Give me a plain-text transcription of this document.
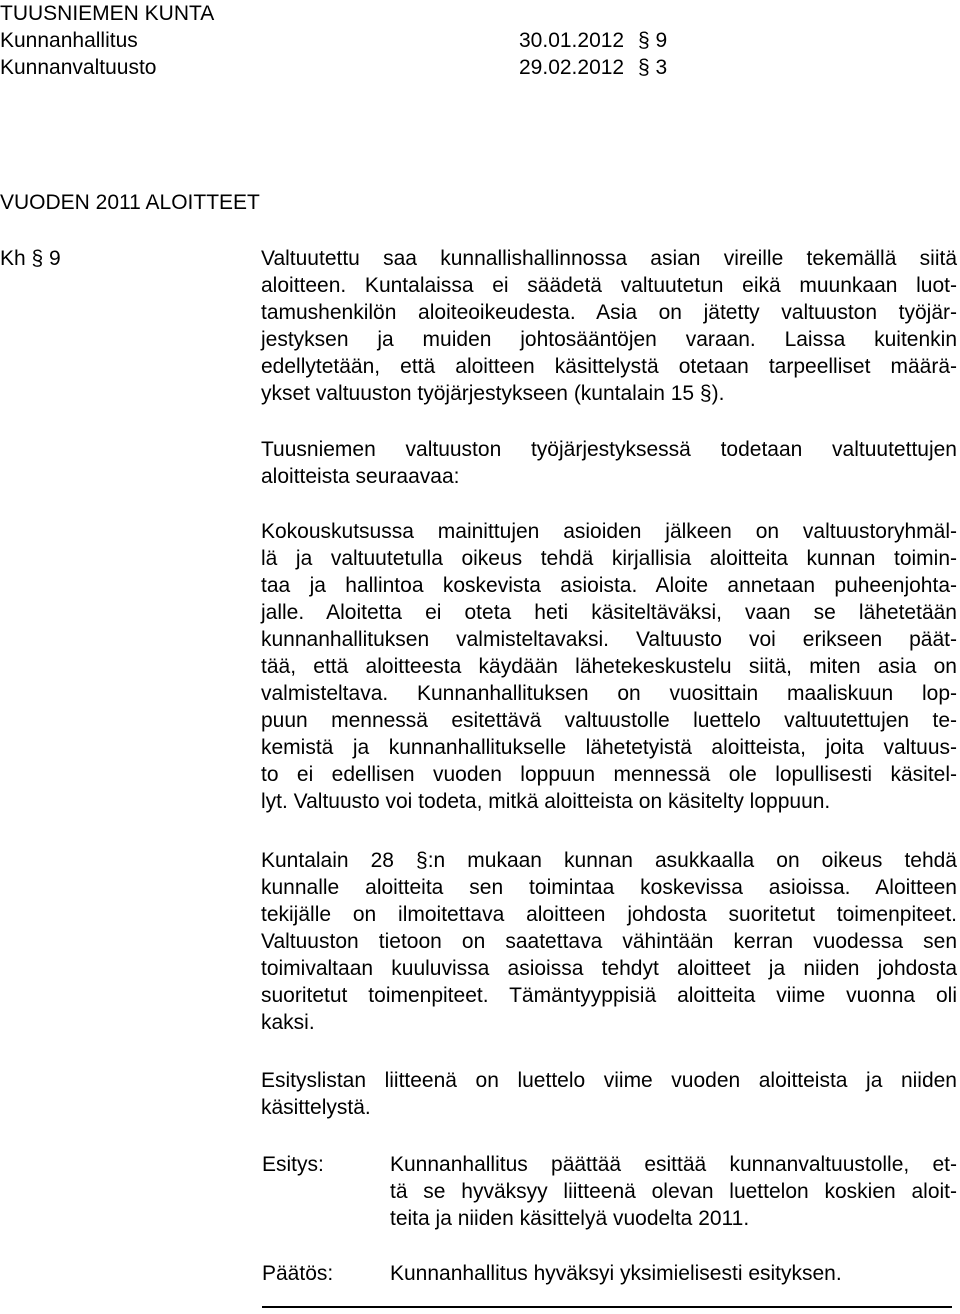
TUUSNIEMEN KUNTA
Kunnanhallitus	30.01.2012 § 9
Kunnanvaltuusto	29.02.2012 § 3
VUODEN 2011 ALOITTEET
Kh § 9	Valtuutettu saa kunnallishallinnossa asian vireille tekemällä siitä
aloitteen. Kuntalaissa ei säädetä valtuutetun eikä muunkaan luot-
tamushenkilön aloiteoikeudesta. Asia on jätetty valtuuston työjär-
jestyksen ja muiden johtosääntöjen varaan. Laissa kuitenkin
edellytetään, että aloitteen käsittelystä otetaan tarpeelliset määrä-
ykset valtuuston työjärjestykseen (kuntalain 15 §).
Tuusniemen valtuuston työjärjestyksessä todetaan valtuutettujen
aloitteista seuraavaa:
Kokouskutsussa mainittujen asioiden jälkeen on valtuustoryhmäl-
lä ja valtuutetulla oikeus tehdä kirjallisia aloitteita kunnan toimin-
taa ja hallintoa koskevista asioista. Aloite annetaan puheenjohta-
jalle. Aloitetta ei oteta heti käsiteltäväksi, vaan se lähetetään
kunnanhallituksen valmisteltavaksi. Valtuusto voi erikseen päät-
tää, että aloitteesta käydään lähetekeskustelu siitä, miten asia on
valmisteltava. Kunnanhallituksen on vuosittain maaliskuun lop-
puun mennessä esitettävä valtuustolle luettelo valtuutettujen te-
kemistä ja kunnanhallitukselle lähetetyistä aloitteista, joita valtuus-
to ei edellisen vuoden loppuun mennessä ole lopullisesti käsitel-
lyt. Valtuusto voi todeta, mitkä aloitteista on käsitelty loppuun.
Kuntalain 28 §:n mukaan kunnan asukkaalla on oikeus tehdä
kunnalle aloitteita sen toimintaa koskevissa asioissa. Aloitteen
tekijälle on ilmoitettava aloitteen johdosta suoritetut toimenpiteet.
Valtuuston tietoon on saatettava vähintään kerran vuodessa sen
toimivaltaan kuuluvissa asioissa tehdyt aloitteet ja niiden johdosta
suoritetut toimenpiteet. Tämäntyyppisiä aloitteita viime vuonna oli
kaksi.
Esityslistan liitteenä on luettelo viime vuoden aloitteista ja niiden
käsittelystä.
Esitys:	Kunnanhallitus päättää esittää kunnanvaltuustolle, et-
tä se hyväksyy liitteenä olevan luettelon koskien aloit-
teita ja niiden käsittelyä vuodelta 2011.
Päätös:	Kunnanhallitus hyväksyi yksimielisesti esityksen.
